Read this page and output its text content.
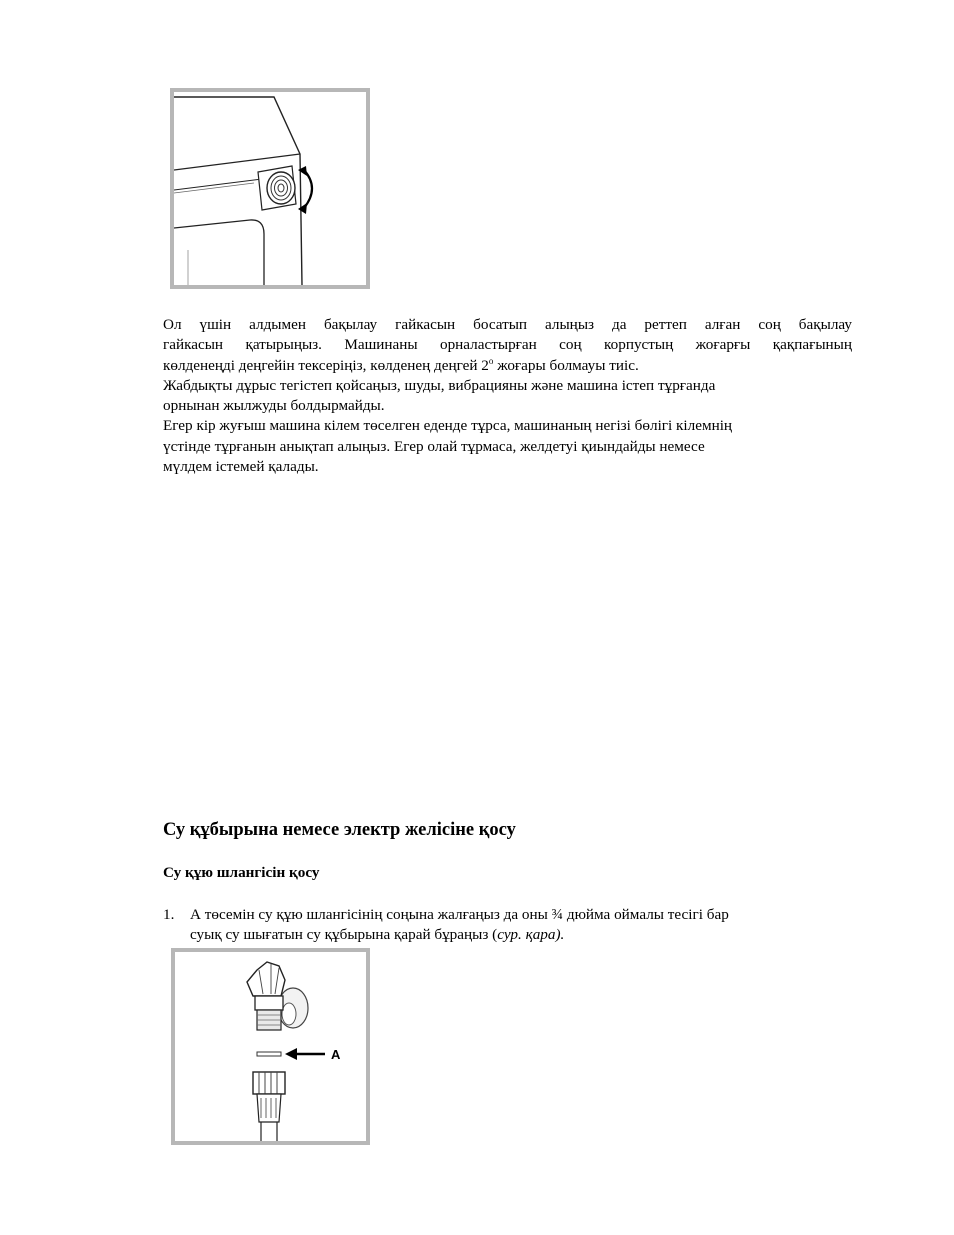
Ол үшін алдымен бақылау гайкасын босатып алыңыз да реттеп алған соң бақылау
гайкасын қатырыңыз. Машинаны орналастырған соң корпустың жоғарғы қақпағының
көлденеңді деңгейін тексеріңіз, көлденең деңгей $2^о$ жоғары болмауы тиіс.
Жабдықты дұрыс тегістеп қойсаңыз, шуды, вибрацияны және машина істеп тұрғанда
орнынан жылжуды болдырмайды.
Егер кір жуғыш машина кілем төселген еденде тұрса, машинаның негізі бөлігі кілемнің
үстінде тұрғанын анықтап алыңыз. Егер олай тұрмаса, желдетуі қиындайды немесе
мүлдем істемей қалады.
Су құбырына немесе электр желісіне қосу
Су құю шлангісін қосу
1. А төсемін су құю шлангісінің соңына жалғаңыз да оны ¾ дюйма оймалы тесігі бар
суық су шығатын су құбырына қарай бұраңыз (сур. қара).
A
